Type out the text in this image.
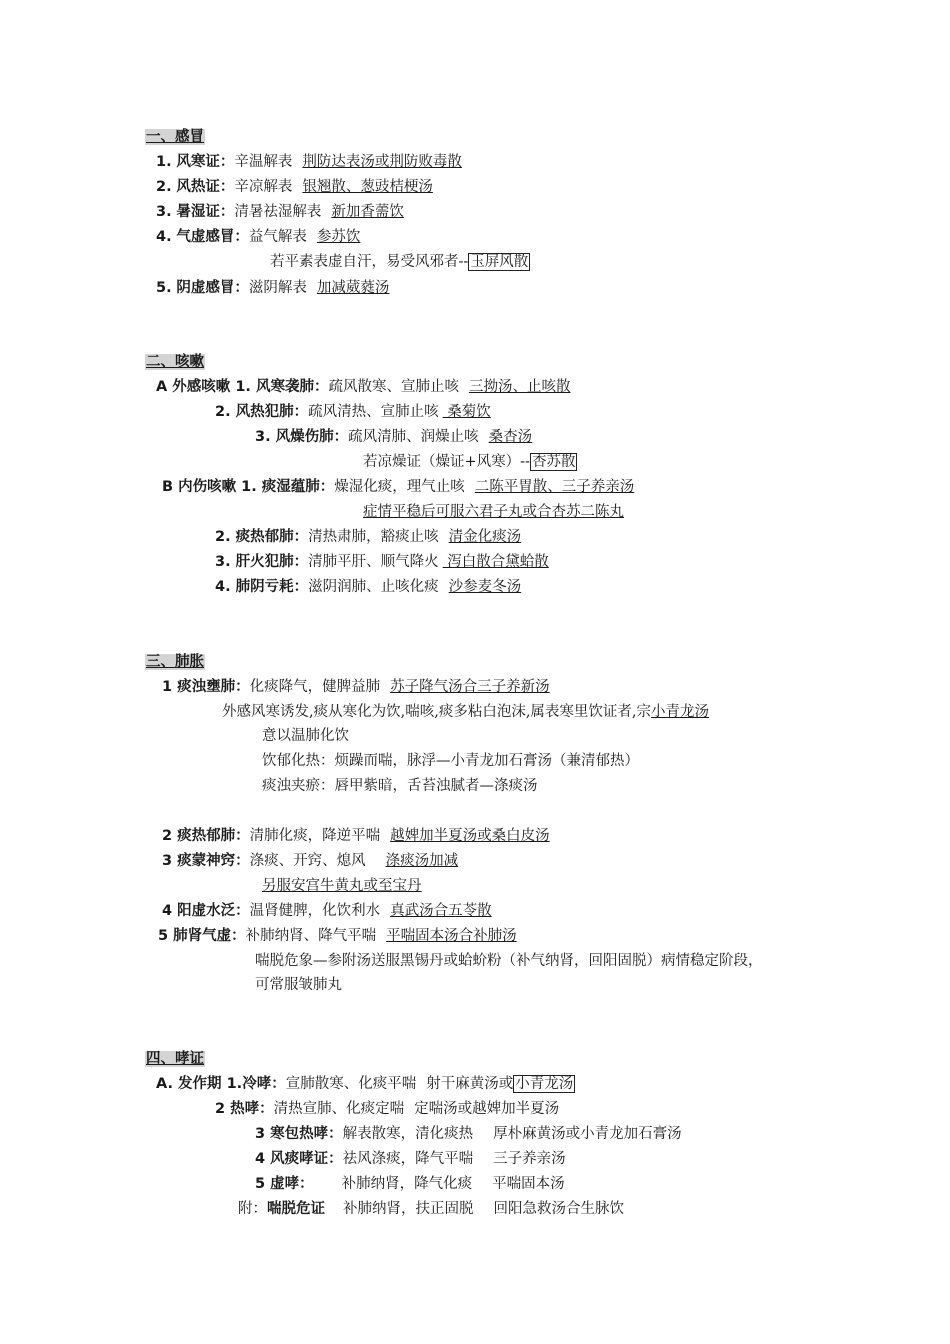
一、感冒
1. 风寒证：辛温解表 荆防达表汤或荆防败毒散
2. 风热证：辛凉解表 银翘散、葱豉桔梗汤
3. 暑湿证：清暑祛湿解表 新加香薷饮
4. 气虚感冒：益气解表 参苏饮
若平素表虚自汗，易受风邪者-- 玉屏风散
5. 阴虚感冒：滋阴解表 加减葳蕤汤
二、咳嗽
A 外感咳嗽 1. 风寒袭肺：疏风散寒、宣肺止咳 三拗汤、止咳散
2. 风热犯肺：疏风清热、宣肺止咳 桑菊饮
3. 风燥伤肺：疏风清肺、润燥止咳 桑杏汤
若凉燥证（燥证+风寒）-- 杏苏散
B 内伤咳嗽 1. 痰湿蕴肺：燥湿化痰，理气止咳 二陈平胃散、三子养亲汤
症情平稳后可服六君子丸或合杏苏二陈丸
2. 痰热郁肺：清热肃肺，豁痰止咳 清金化痰汤
3. 肝火犯肺：清肺平肝、顺气降火 泻白散合黛蛤散
4. 肺阴亏耗：滋阴润肺、止咳化痰 沙参麦冬汤
三、肺胀
1 痰浊壅肺：化痰降气，健脾益肺 苏子降气汤合三子养新汤
外感风寒诱发,痰从寒化为饮,喘咳,痰多粘白泡沫,属表寒里饮证者,宗小青龙汤
意以温肺化饮
饮郁化热：烦躁而喘，脉浮—小青龙加石膏汤（兼清郁热）
痰浊夹瘀：唇甲紫暗，舌苔浊腻者—涤痰汤
2 痰热郁肺：清肺化痰，降逆平喘 越婢加半夏汤或桑白皮汤
3 痰蒙神窍：涤痰、开窍、熄风 涤痰汤加减
另服安宫牛黄丸或至宝丹
4 阳虚水泛：温肾健脾，化饮利水 真武汤合五苓散
5 肺肾气虚：补肺纳肾、降气平喘 平喘固本汤合补肺汤
喘脱危象—参附汤送服黑锡丹或蛤蚧粉（补气纳肾，回阳固脱）病情稳定阶段，
可常服皱肺丸
四、哮证
A. 发作期 1.冷哮：宣肺散寒、化痰平喘 射干麻黄汤或 小青龙汤
2 热哮：清热宣肺、化痰定喘 定喘汤或越婢加半夏汤
3 寒包热哮：解表散寒，清化痰热 厚朴麻黄汤或小青龙加石膏汤
4 风痰哮证：祛风涤痰，降气平喘 三子养亲汤
5 虚哮： 补肺纳肾，降气化痰 平喘固本汤
附：喘脱危证 补肺纳肾，扶正固脱 回阳急救汤合生脉饮
